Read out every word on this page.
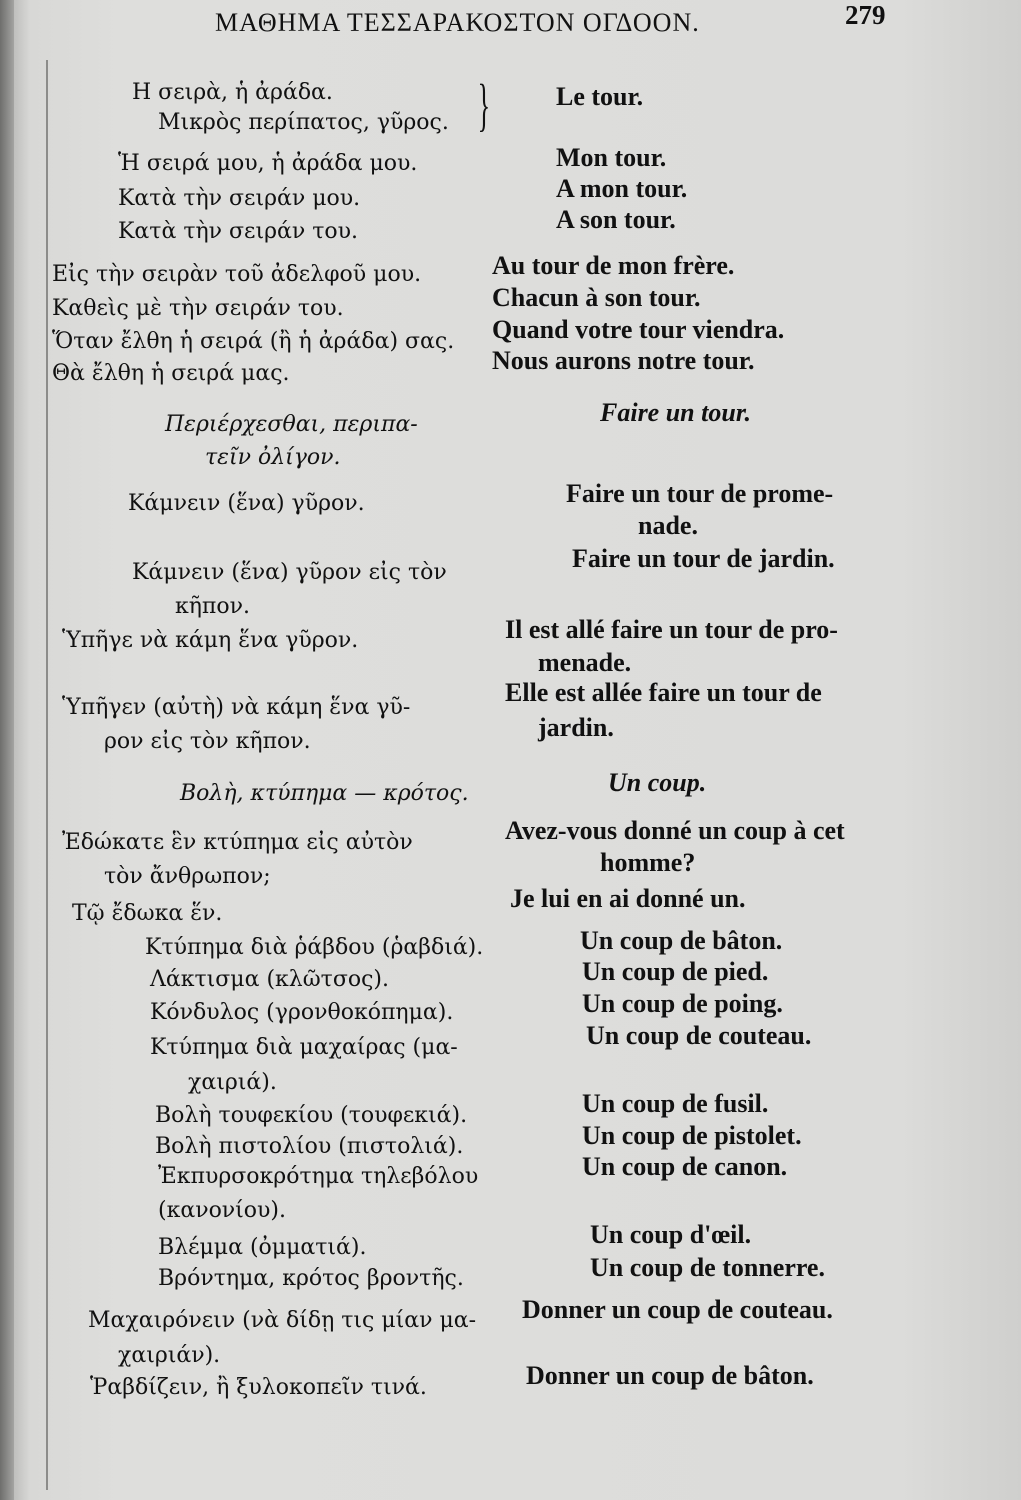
ΜΑΘΗΜΑ ΤΕΣΣΑΡΑΚΟΣΤΟΝ ΟΓΔΟΟΝ.	279
}
Η σειρὰ, ἡ ἀράδα.
Μικρὸς περίπατος, γῦρος.
Ἡ σειρά μου, ἡ ἀράδα μου.
Κατὰ τὴν σειράν μου.
Κατὰ τὴν σειράν του.
Εἰς τὴν σειρὰν τοῦ ἀδελφοῦ μου.
Καθεὶς μὲ τὴν σειράν του.
Ὅταν ἔλθη ἡ σειρά (ἢ ἡ ἀράδα) σας.
Θὰ ἔλθη ἡ σειρά μας.
Περιέρχεσθαι, περιπα-
τεῖν ὀλίγον.
Κάμνειν (ἕνα) γῦρον.
Κάμνειν (ἕνα) γῦρον εἰς τὸν
κῆπον.
Ὑπῆγε νὰ κάμη ἕνα γῦρον.
Ὑπῆγεν (αὐτὴ) νὰ κάμη ἕνα γῦ-
ρον εἰς τὸν κῆπον.
Βολὴ, κτύπημα — κρότος.
Ἐδώκατε ἓν κτύπημα εἰς αὐτὸν
τὸν ἄνθρωπον;
Τῷ ἔδωκα ἕν.
Κτύπημα διὰ ῥάβδου (ῥαβδιά).
Λάκτισμα (κλῶτσος).
Κόνδυλος (γρονθοκόπημα).
Κτύπημα διὰ μαχαίρας (μα-
χαιριά).
Βολὴ τουφεκίου (τουφεκιά).
Βολὴ πιστολίου (πιστολιά).
Ἐκπυρσοκρότημα τηλεβόλου
(κανονίου).
Βλέμμα (ὀμματιά).
Βρόντημα, κρότος βροντῆς.
Μαχαιρόνειν (νὰ δίδῃ τις μίαν μα-
χαιριάν).
Ῥαβδίζειν, ἢ ξυλοκοπεῖν τινά.
Le tour.
Mon tour.
A mon tour.
A son tour.
Au tour de mon frère.
Chacun à son tour.
Quand votre tour viendra.
Nous aurons notre tour.
Faire un tour.
Faire un tour de prome-
nade.
Faire un tour de jardin.
Il est allé faire un tour de pro-
menade.
Elle est allée faire un tour de
jardin.
Un coup.
Avez-vous donné un coup à cet
homme?
Je lui en ai donné un.
Un coup de bâton.
Un coup de pied.
Un coup de poing.
Un coup de couteau.
Un coup de fusil.
Un coup de pistolet.
Un coup de canon.
Un coup d'œil.
Un coup de tonnerre.
Donner un coup de couteau.
Donner un coup de bâton.
